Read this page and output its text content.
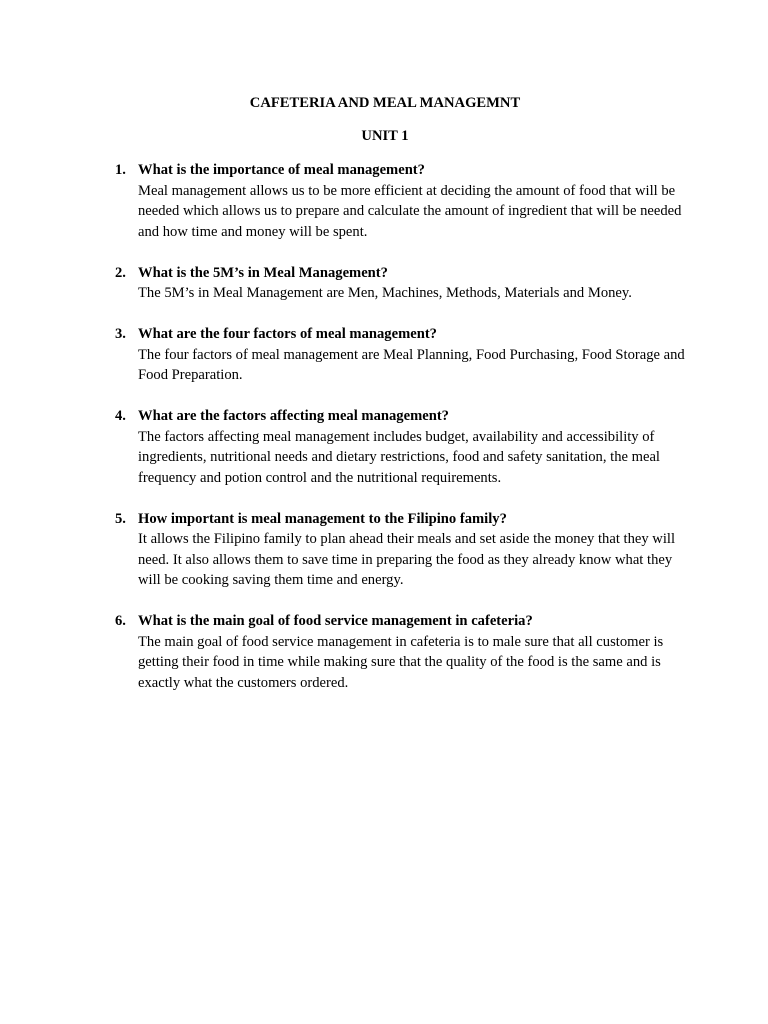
CAFETERIA AND MEAL MANAGEMNT
UNIT 1
1. What is the importance of meal management?
Meal management allows us to be more efficient at deciding the amount of food that will be needed which allows us to prepare and calculate the amount of ingredient that will be needed and how time and money will be spent.
2. What is the 5M’s in Meal Management?
The 5M’s in Meal Management are Men, Machines, Methods, Materials and Money.
3. What are the four factors of meal management?
The four factors of meal management are Meal Planning, Food Purchasing, Food Storage and Food Preparation.
4. What are the factors affecting meal management?
The factors affecting meal management includes budget, availability and accessibility of ingredients, nutritional needs and dietary restrictions, food and safety sanitation, the meal frequency and potion control and the nutritional requirements.
5. How important is meal management to the Filipino family?
It allows the Filipino family to plan ahead their meals and set aside the money that they will need. It also allows them to save time in preparing the food as they already know what they will be cooking saving them time and energy.
6. What is the main goal of food service management in cafeteria?
The main goal of food service management in cafeteria is to male sure that all customer is getting their food in time while making sure that the quality of the food is the same and is exactly what the customers ordered.
